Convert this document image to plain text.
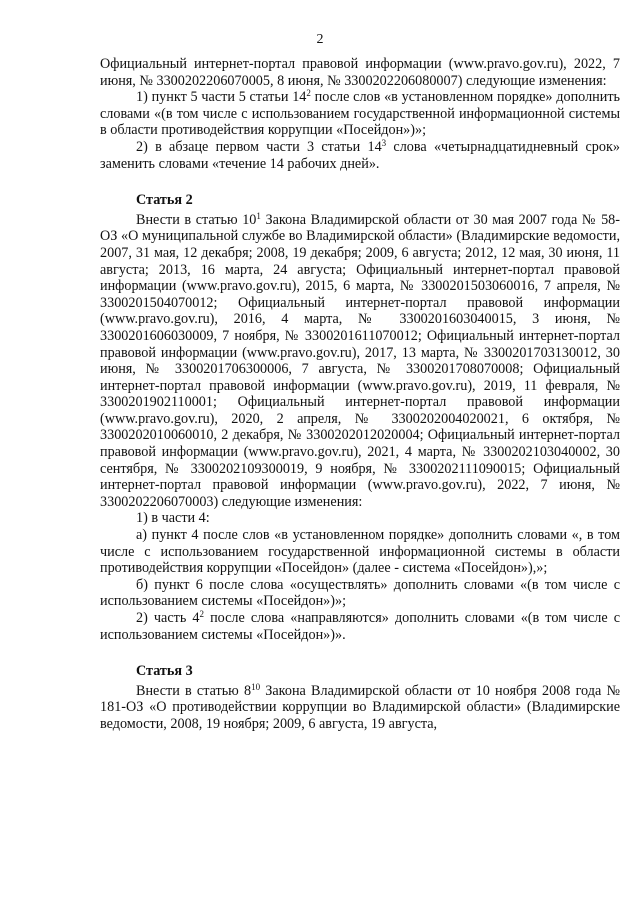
2

Официальный интернет-портал правовой информации (www.pravo.gov.ru), 2022, 7 июня, № 3300202206070005, 8 июня, № 3300202206080007) следующие изменения:

1) пункт 5 части 5 статьи $14^2$ после слов «в установленном порядке» дополнить словами «(в том числе с использованием государственной информационной системы в области противодействия коррупции «Посейдон»)»;

2) в абзаце первом части 3 статьи $14^3$ слова «четырнадцатидневный срок» заменить словами «течение 14 рабочих дней».

Статья 2

Внести в статью $10^1$ Закона Владимирской области от 30 мая 2007 года № 58-ОЗ «О муниципальной службе во Владимирской области» (Владимирские ведомости, 2007, 31 мая, 12 декабря; 2008, 19 декабря; 2009, 6 августа; 2012, 12 мая, 30 июня, 11 августа; 2013, 16 марта, 24 августа; Официальный интернет-портал правовой информации (www.pravo.gov.ru), 2015, 6 марта, № 3300201503060016, 7 апреля, № 3300201504070012; Официальный интернет-портал правовой информации (www.pravo.gov.ru), 2016, 4 марта, № 3300201603040015, 3 июня, № 3300201606030009, 7 ноября, № 3300201611070012; Официальный интернет-портал правовой информации (www.pravo.gov.ru), 2017, 13 марта, № 3300201703130012, 30 июня, № 3300201706300006, 7 августа, № 3300201708070008; Официальный интернет-портал правовой информации (www.pravo.gov.ru), 2019, 11 февраля, № 3300201902110001; Официальный интернет-портал правовой информации (www.pravo.gov.ru), 2020, 2 апреля, № 3300202004020021, 6 октября, № 3300202010060010, 2 декабря, № 3300202012020004; Официальный интернет-портал правовой информации (www.pravo.gov.ru), 2021, 4 марта, № 3300202103040002, 30 сентября, № 3300202109300019, 9 ноября, № 3300202111090015; Официальный интернет-портал правовой информации (www.pravo.gov.ru), 2022, 7 июня, № 3300202206070003) следующие изменения:

1) в части 4:

а) пункт 4 после слов «в установленном порядке» дополнить словами «, в том числе с использованием государственной информационной системы в области противодействия коррупции «Посейдон» (далее - система «Посейдон»),»;

б) пункт 6 после слова «осуществлять» дополнить словами «(в том числе с использованием системы «Посейдон»)»;

2) часть $4^2$ после слова «направляются» дополнить словами «(в том числе с использованием системы «Посейдон»)».

Статья 3

Внести в статью $8^{10}$ Закона Владимирской области от 10 ноября 2008 года № 181-ОЗ «О противодействии коррупции во Владимирской области» (Владимирские ведомости, 2008, 19 ноября; 2009, 6 августа, 19 августа,
